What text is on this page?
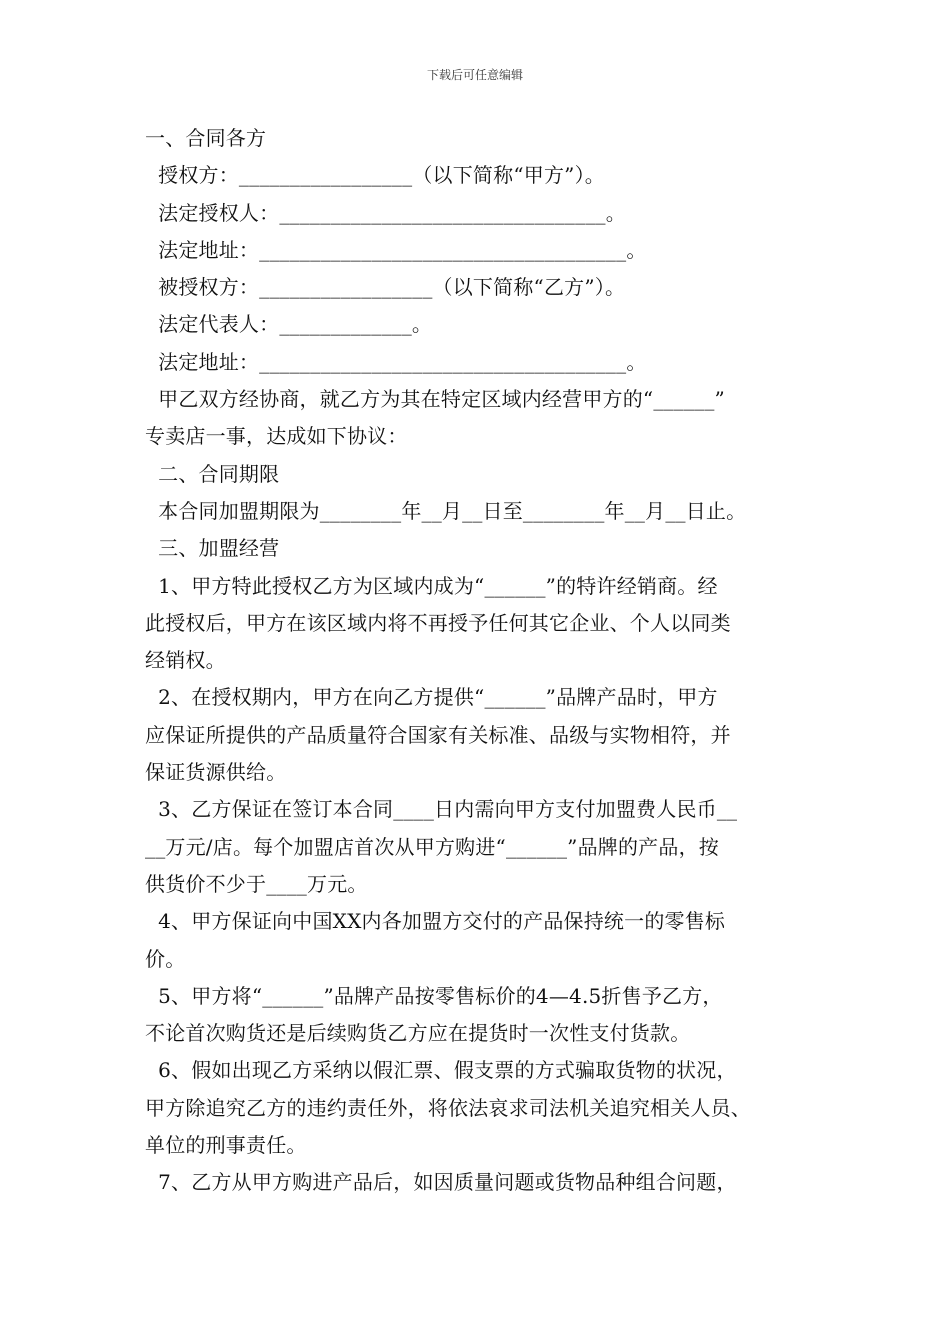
下载后可任意编辑
一、合同各方
授权方：_________________（以下简称“甲方”）。
法定授权人：________________________________。
法定地址：____________________________________。
被授权方：_________________（以下简称“乙方”）。
法定代表人：_____________。
法定地址：____________________________________。
甲乙双方经协商，就乙方为其在特定区域内经营甲方的“______”
专卖店一事，达成如下协议：
二、合同期限
本合同加盟期限为________年__月__日至________年__月__日止。
三、加盟经营
1、甲方特此授权乙方为区域内成为“______”的特许经销商。经
此授权后，甲方在该区域内将不再授予任何其它企业、个人以同类
经销权。
2、在授权期内，甲方在向乙方提供“______”品牌产品时，甲方
应保证所提供的产品质量符合国家有关标准、品级与实物相符，并
保证货源供给。
3、乙方保证在签订本合同____日内需向甲方支付加盟费人民币__
__万元/店。每个加盟店首次从甲方购进“______”品牌的产品，按
供货价不少于____万元。
4、甲方保证向中国XX内各加盟方交付的产品保持统一的零售标
价。
5、甲方将“______”品牌产品按零售标价的4—4.5折售予乙方，
不论首次购货还是后续购货乙方应在提货时一次性支付货款。
6、假如出现乙方采纳以假汇票、假支票的方式骗取货物的状况，
甲方除追究乙方的违约责任外，将依法哀求司法机关追究相关人员、
单位的刑事责任。
7、乙方从甲方购进产品后，如因质量问题或货物品种组合问题，
